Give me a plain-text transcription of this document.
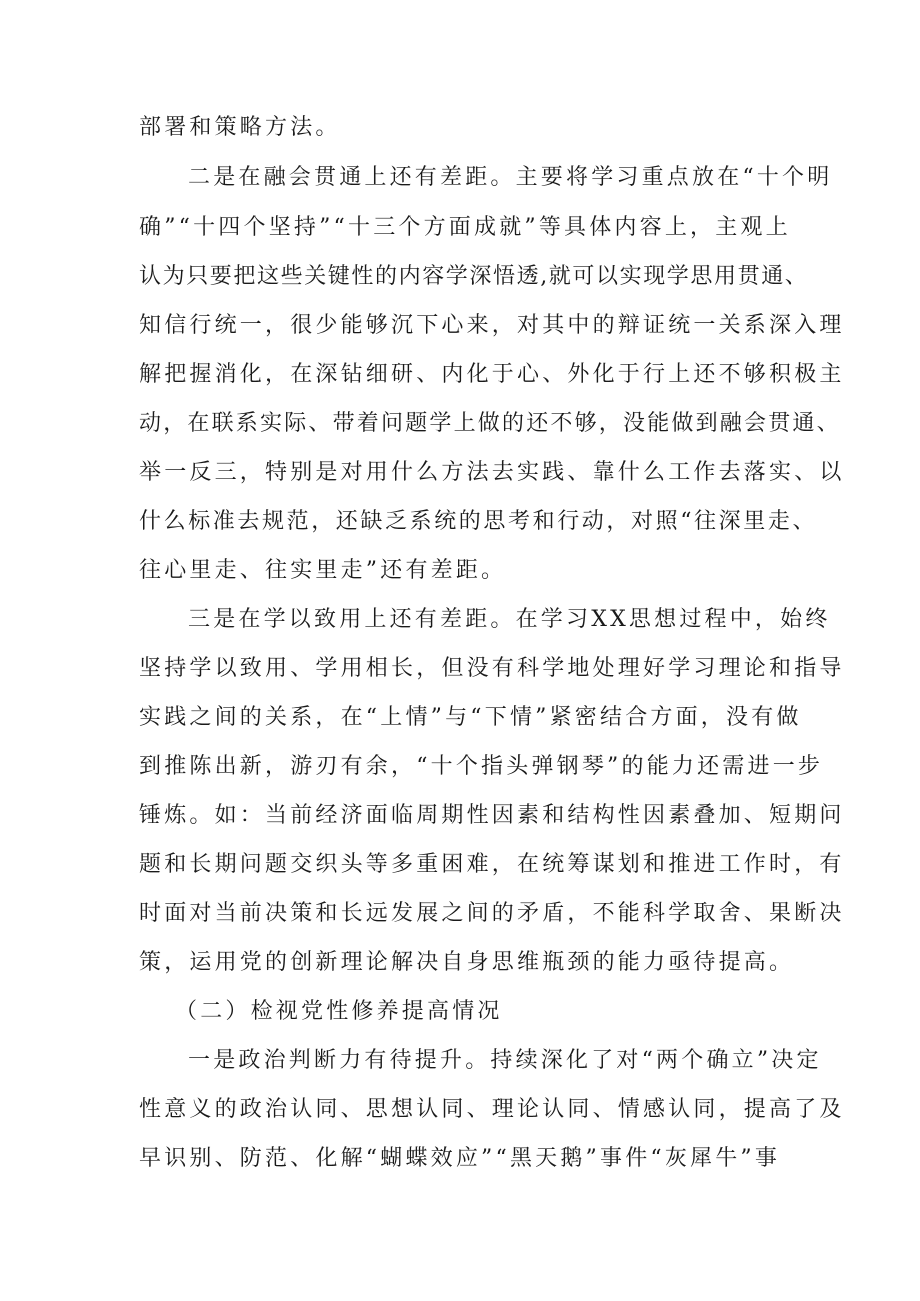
部署和策略方法。
二是在融会贯通上还有差距。主要将学习重点放在“十个明
确”“十四个坚持”“十三个方面成就”等具体内容上，主观上
认为只要把这些关键性的内容学深悟透,就可以实现学思用贯通、
知信行统一，很少能够沉下心来，对其中的辩证统一关系深入理
解把握消化，在深钻细研、内化于心、外化于行上还不够积极主
动，在联系实际、带着问题学上做的还不够，没能做到融会贯通、
举一反三，特别是对用什么方法去实践、靠什么工作去落实、以
什么标准去规范，还缺乏系统的思考和行动，对照“往深里走、
往心里走、往实里走”还有差距。
三是在学以致用上还有差距。在学习XX思想过程中，始终
坚持学以致用、学用相长，但没有科学地处理好学习理论和指导
实践之间的关系，在“上情”与“下情”紧密结合方面，没有做
到推陈出新，游刃有余，“十个指头弹钢琴”的能力还需进一步
锤炼。如：当前经济面临周期性因素和结构性因素叠加、短期问
题和长期问题交织头等多重困难，在统筹谋划和推进工作时，有
时面对当前决策和长远发展之间的矛盾，不能科学取舍、果断决
策，运用党的创新理论解决自身思维瓶颈的能力亟待提高。
（二）检视党性修养提高情况
一是政治判断力有待提升。持续深化了对“两个确立”决定
性意义的政治认同、思想认同、理论认同、情感认同，提高了及
早识别、防范、化解“蝴蝶效应”“黑天鹅”事件“灰犀牛”事
